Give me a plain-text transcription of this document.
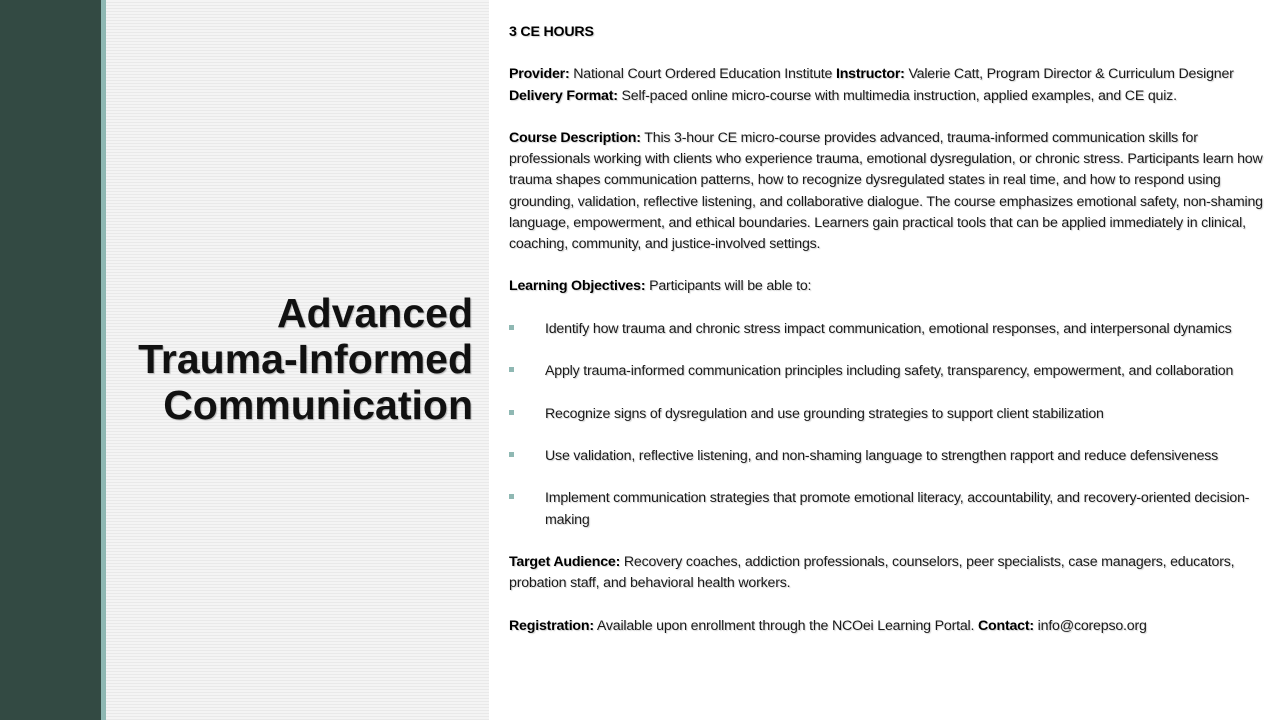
Advanced
Trauma-Informed
Communication

3 CE HOURS

Provider: National Court Ordered Education Institute Instructor: Valerie Catt, Program Director & Curriculum Designer Delivery Format: Self-paced online micro-course with multimedia instruction, applied examples, and CE quiz.

Course Description: This 3-hour CE micro-course provides advanced, trauma-informed communication skills for professionals working with clients who experience trauma, emotional dysregulation, or chronic stress. Participants learn how trauma shapes communication patterns, how to recognize dysregulated states in real time, and how to respond using grounding, validation, reflective listening, and collaborative dialogue. The course emphasizes emotional safety, non-shaming language, empowerment, and ethical boundaries. Learners gain practical tools that can be applied immediately in clinical, coaching, community, and justice-involved settings.

Learning Objectives: Participants will be able to:

Identify how trauma and chronic stress impact communication, emotional responses, and interpersonal dynamics
Apply trauma-informed communication principles including safety, transparency, empowerment, and collaboration
Recognize signs of dysregulation and use grounding strategies to support client stabilization
Use validation, reflective listening, and non-shaming language to strengthen rapport and reduce defensiveness
Implement communication strategies that promote emotional literacy, accountability, and recovery-oriented decision-making

Target Audience: Recovery coaches, addiction professionals, counselors, peer specialists, case managers, educators, probation staff, and behavioral health workers.

Registration: Available upon enrollment through the NCOei Learning Portal. Contact: info@corepso.org
